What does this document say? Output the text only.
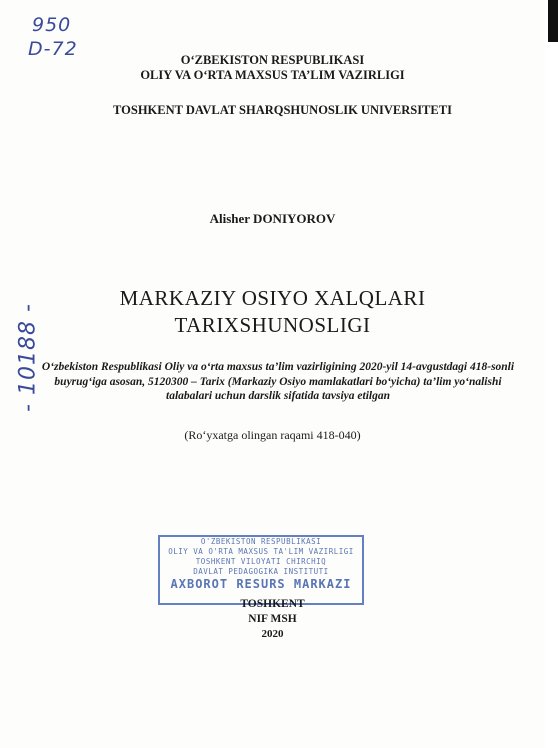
950
D-72
- 10188 -
O‘ZBEKISTON RESPUBLIKASI
OLIY VA O‘RTA MAXSUS TA’LIM VAZIRLIGI
TOSHKENT DAVLAT SHARQSHUNOSLIK UNIVERSITETI
Alisher DONIYOROV
MARKAZIY OSIYO XALQLARI
TARIXSHUNOSLIGI
O‘zbekiston Respublikasi Oliy va o‘rta maxsus ta’lim vazirligining 2020-yil 14-avgustdagi 418-sonli buyrug‘iga asosan, 5120300 – Tarix (Markaziy Osiyo mamlakatlari bo‘yicha) ta’lim yo‘nalishi talabalari uchun darslik sifatida tavsiya etilgan
(Ro‘yxatga olingan raqami 418-040)
O'ZBEKISTON RESPUBLIKASI
OLIY VA O'RTA MAXSUS TA'LIM VAZIRLIGI
TOSHKENT VILOYATI CHIRCHIQ
DAVLAT PEDAGOGIKA INSTITUTI
AXBOROT RESURS MARKAZI
TOSHKENT
NIF MSH
2020
